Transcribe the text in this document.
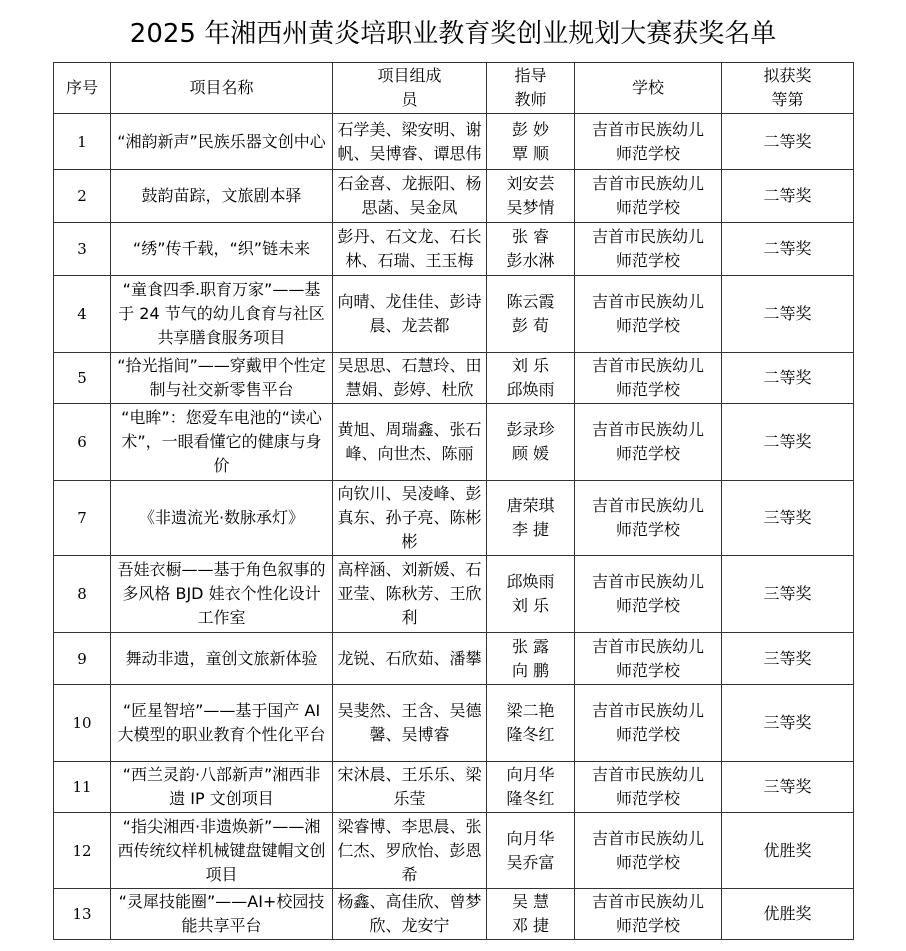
2025 年湘西州黄炎培职业教育奖创业规划大赛获奖名单
序号	项目名称	项目组成员	指导教师	学校	拟获奖等第
1	“湘韵新声”民族乐器文创中心	石学美、梁安明、谢帆、吴博睿、谭思伟	彭 妙 覃 顺	吉首市民族幼儿师范学校	二等奖
2	鼓韵苗踪，文旅剧本驿	石金喜、龙振阳、杨思菡、吴金凤	刘安芸吴梦情	吉首市民族幼儿师范学校	二等奖
3	“绣”传千载，“织”链未来	彭丹、石文龙、石长林、石瑞、王玉梅	张 睿 彭水淋	吉首市民族幼儿师范学校	二等奖
4	“童食四季.职育万家”——基于 24 节气的幼儿食育与社区共享膳食服务项目	向晴、龙佳佳、彭诗晨、龙芸都	陈云霞 彭 荀	吉首市民族幼儿师范学校	二等奖
5	“拾光指间”——穿戴甲个性定制与社交新零售平台	吴思思、石慧玲、田慧娟、彭婷、杜欣	刘 乐 邱焕雨	吉首市民族幼儿师范学校	二等奖
6	“电眸”：您爱车电池的“读心术”，一眼看懂它的健康与身价	黄旭、周瑞鑫、张石峰、向世杰、陈丽	彭录珍 顾 媛	吉首市民族幼儿师范学校	二等奖
7	《非遗流光·数脉承灯》	向钦川、吴凌峰、彭真东、孙子亮、陈彬彬	唐荣琪 李 捷	吉首市民族幼儿师范学校	三等奖
8	吾娃衣橱——基于角色叙事的多风格 BJD 娃衣个性化设计工作室	高梓涵、刘新媛、石亚莹、陈秋芳、王欣利	邱焕雨 刘 乐	吉首市民族幼儿师范学校	三等奖
9	舞动非遗，童创文旅新体验	龙锐、石欣茹、潘攀	张 露 向 鹏	吉首市民族幼儿师范学校	三等奖
10	“匠星智培”——基于国产 AI 大模型的职业教育个性化平台	吴斐然、王含、吴德馨、吴博睿	梁二艳 隆冬红	吉首市民族幼儿师范学校	三等奖
11	“西兰灵韵·八部新声”湘西非遗 IP 文创项目	宋沐晨、王乐乐、梁乐莹	向月华 隆冬红	吉首市民族幼儿师范学校	三等奖
12	“指尖湘西·非遗焕新”——湘西传统纹样机械键盘键帽文创项目	梁睿博、李思晨、张仁杰、罗欣怡、彭恩希	向月华 吴乔富	吉首市民族幼儿师范学校	优胜奖
13	“灵犀技能圈”——AI+校园技能共享平台	杨鑫、高佳欣、曾梦欣、龙安宁	吴 慧 邓 捷	吉首市民族幼儿师范学校	优胜奖
